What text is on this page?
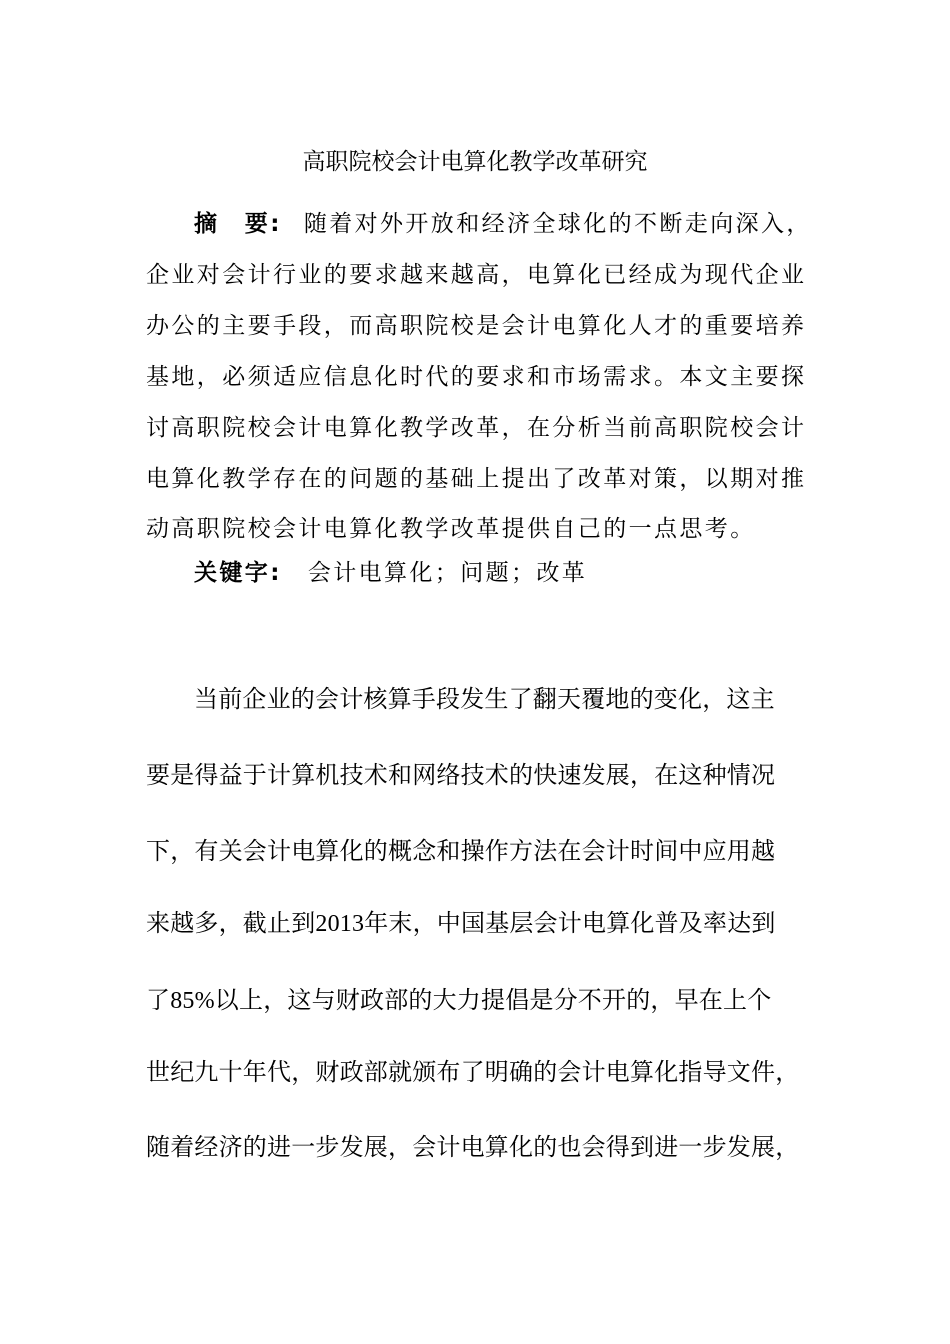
高职院校会计电算化教学改革研究
摘　要: 随着对外开放和经济全球化的不断走向深入，
企业对会计行业的要求越来越高，电算化已经成为现代企业
办公的主要手段，而高职院校是会计电算化人才的重要培养
基地，必须适应信息化时代的要求和市场需求。本文主要探
讨高职院校会计电算化教学改革，在分析当前高职院校会计
电算化教学存在的问题的基础上提出了改革对策，以期对推
动高职院校会计电算化教学改革提供自己的一点思考。
关键字: 会计电算化；问题；改革
当前企业的会计核算手段发生了翻天覆地的变化，这主
要是得益于计算机技术和网络技术的快速发展，在这种情况
下，有关会计电算化的概念和操作方法在会计时间中应用越
来越多，截止到2013年末，中国基层会计电算化普及率达到
了85%以上，这与财政部的大力提倡是分不开的，早在上个
世纪九十年代，财政部就颁布了明确的会计电算化指导文件，
随着经济的进一步发展，会计电算化的也会得到进一步发展，
